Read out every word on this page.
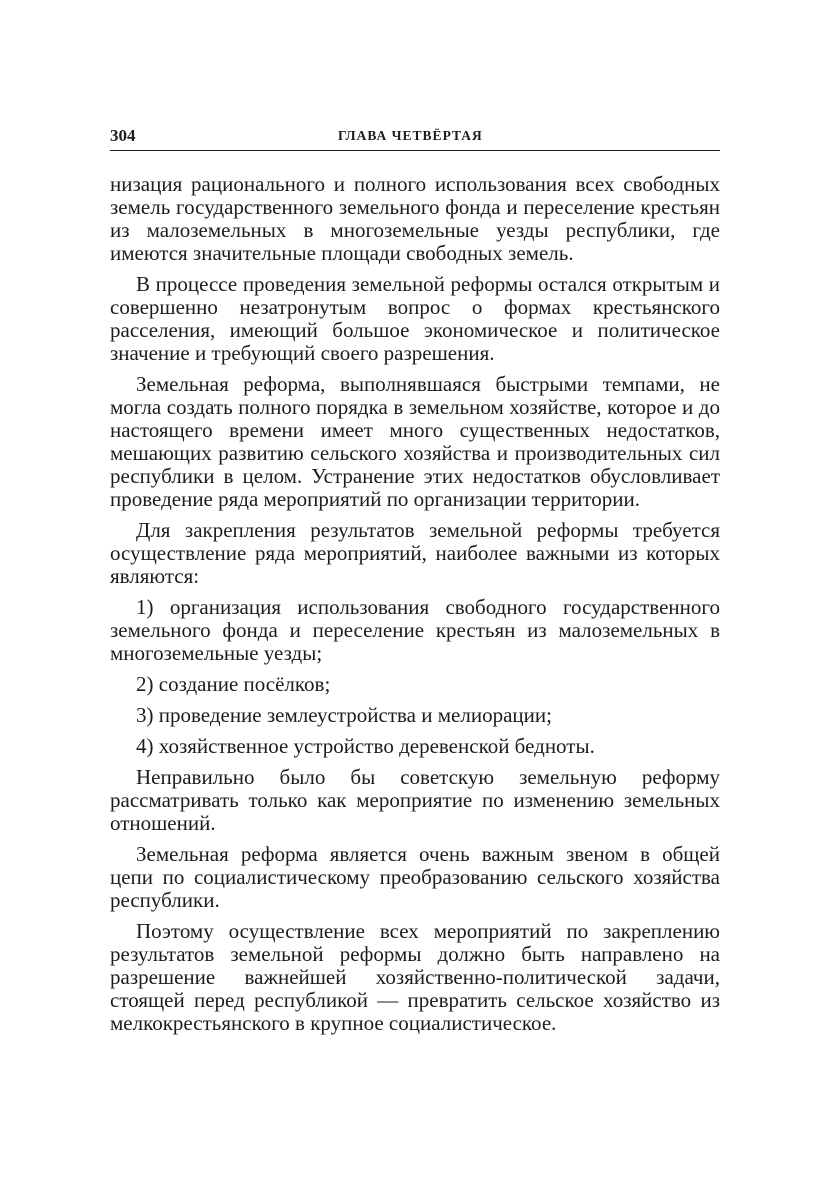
304	ГЛАВА ЧЕТВЁРТАЯ

низация рационального и полного использования всех свободных земель государственного земельного фонда и переселение крестьян из малоземельных в многоземельные уезды республики, где имеются значительные площади свободных земель.

В процессе проведения земельной реформы остался открытым и совершенно незатронутым вопрос о формах крестьянского расселения, имеющий большое экономическое и политическое значение и требующий своего разрешения.

Земельная реформа, выполнявшаяся быстрыми темпами, не могла создать полного порядка в земельном хозяйстве, которое и до настоящего времени имеет много существенных недостатков, мешающих развитию сельского хозяйства и производительных сил республики в целом. Устранение этих недостатков обусловливает проведение ряда мероприятий по организации территории.

Для закрепления результатов земельной реформы требуется осуществление ряда мероприятий, наиболее важными из которых являются:

1) организация использования свободного государственного земельного фонда и переселение крестьян из малоземельных в многоземельные уезды;

2) создание посёлков;

3) проведение землеустройства и мелиорации;

4) хозяйственное устройство деревенской бедноты.

Неправильно было бы советскую земельную реформу рассматривать только как мероприятие по изменению земельных отношений.

Земельная реформа является очень важным звеном в общей цепи по социалистическому преобразованию сельского хозяйства республики.

Поэтому осуществление всех мероприятий по закреплению результатов земельной реформы должно быть направлено на разрешение важнейшей хозяйственно-политической задачи, стоящей перед республикой — превратить сельское хозяйство из мелкокрестьянского в крупное социалистическое.
